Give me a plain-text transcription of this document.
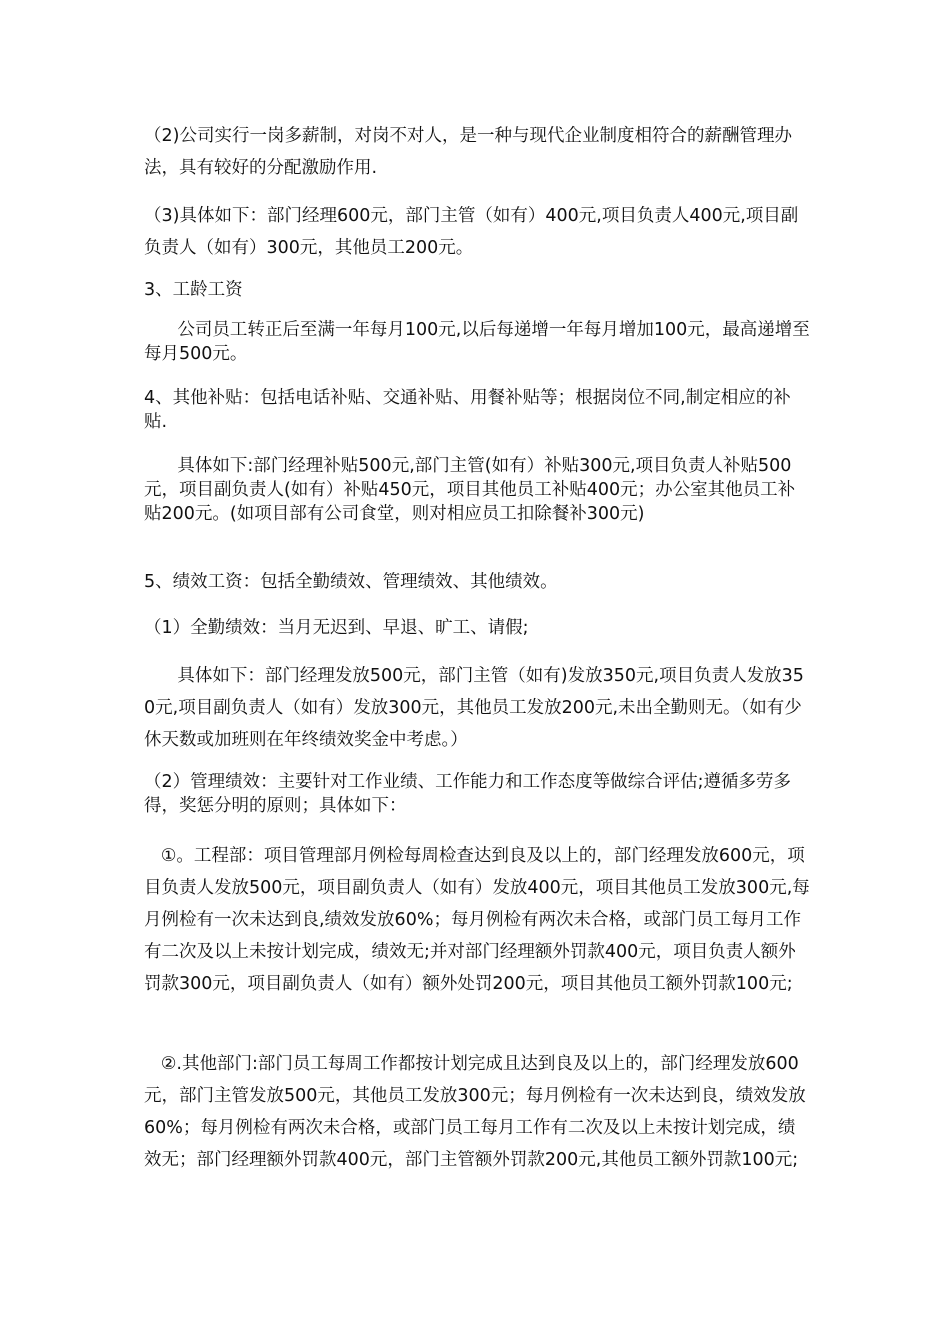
（2)公司实行一岗多薪制，对岗不对人，是一种与现代企业制度相符合的薪酬管理办法，具有较好的分配激励作用.

（3)具体如下：部门经理600元，部门主管（如有）400元,项目负责人400元,项目副负责人（如有）300元，其他员工200元。

3、工龄工资

公司员工转正后至满一年每月100元,以后每递增一年每月增加100元，最高递增至每月500元。

4、其他补贴：包括电话补贴、交通补贴、用餐补贴等；根据岗位不同,制定相应的补贴.

具体如下:部门经理补贴500元,部门主管(如有）补贴300元,项目负责人补贴500元，项目副负责人(如有）补贴450元，项目其他员工补贴400元；办公室其他员工补贴200元。(如项目部有公司食堂，则对相应员工扣除餐补300元)

5、绩效工资：包括全勤绩效、管理绩效、其他绩效。

（1）全勤绩效：当月无迟到、早退、旷工、请假;

具体如下：部门经理发放500元，部门主管（如有)发放350元,项目负责人发放350元,项目副负责人（如有）发放300元，其他员工发放200元,未出全勤则无。（如有少休天数或加班则在年终绩效奖金中考虑。）

（2）管理绩效：主要针对工作业绩、工作能力和工作态度等做综合评估;遵循多劳多得，奖惩分明的原则；具体如下：

①。工程部：项目管理部月例检每周检查达到良及以上的，部门经理发放600元，项目负责人发放500元，项目副负责人（如有）发放400元，项目其他员工发放300元,每月例检有一次未达到良,绩效发放60%；每月例检有两次未合格，或部门员工每月工作有二次及以上未按计划完成，绩效无;并对部门经理额外罚款400元，项目负责人额外罚款300元，项目副负责人（如有）额外处罚200元，项目其他员工额外罚款100元;

②.其他部门:部门员工每周工作都按计划完成且达到良及以上的，部门经理发放600元，部门主管发放500元，其他员工发放300元；每月例检有一次未达到良，绩效发放60%；每月例检有两次未合格，或部门员工每月工作有二次及以上未按计划完成，绩效无；部门经理额外罚款400元，部门主管额外罚款200元,其他员工额外罚款100元;
